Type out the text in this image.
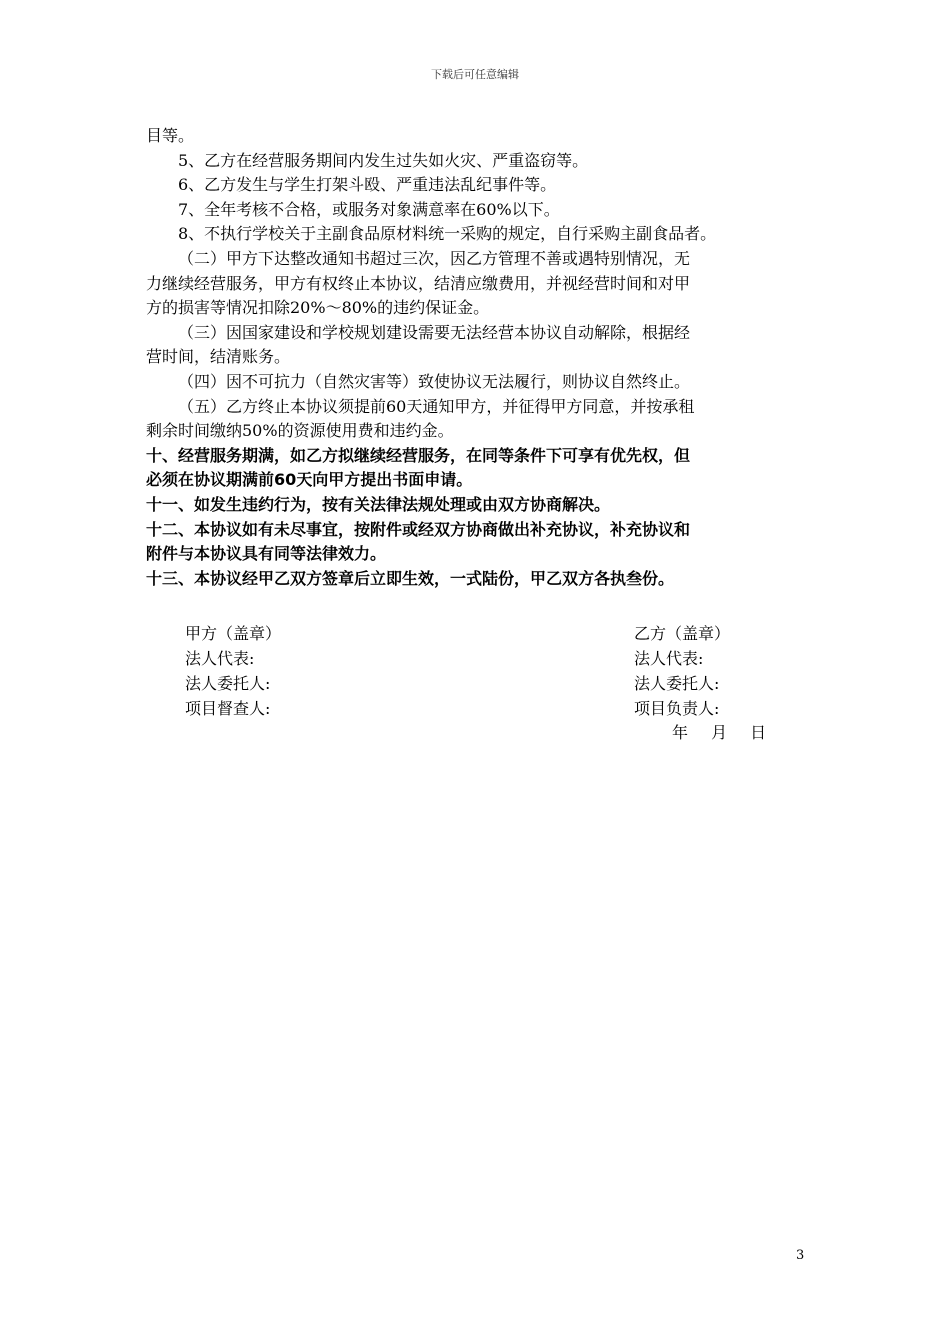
下载后可任意编辑
目等。
5、乙方在经营服务期间内发生过失如火灾、严重盗窃等。
6、乙方发生与学生打架斗殴、严重违法乱纪事件等。
7、全年考核不合格，或服务对象满意率在60%以下。
8、不执行学校关于主副食品原材料统一采购的规定，自行采购主副食品者。
（二）甲方下达整改通知书超过三次，因乙方管理不善或遇特别情况，无
力继续经营服务，甲方有权终止本协议，结清应缴费用，并视经营时间和对甲
方的损害等情况扣除20%～80%的违约保证金。
（三）因国家建设和学校规划建设需要无法经营本协议自动解除，根据经
营时间，结清账务。
（四）因不可抗力（自然灾害等）致使协议无法履行，则协议自然终止。
（五）乙方终止本协议须提前60天通知甲方，并征得甲方同意，并按承租
剩余时间缴纳50%的资源使用费和违约金。
十、经营服务期满，如乙方拟继续经营服务，在同等条件下可享有优先权，但
必须在协议期满前60天向甲方提出书面申请。
十一、如发生违约行为，按有关法律法规处理或由双方协商解决。
十二、本协议如有未尽事宜，按附件或经双方协商做出补充协议，补充协议和
附件与本协议具有同等法律效力。
十三、本协议经甲乙双方签章后立即生效，一式陆份，甲乙双方各执叁份。
甲方（盖章）
法人代表:
法人委托人:
项目督查人:
乙方（盖章）
法人代表:
法人委托人:
项目负责人:
年 月 日
3
